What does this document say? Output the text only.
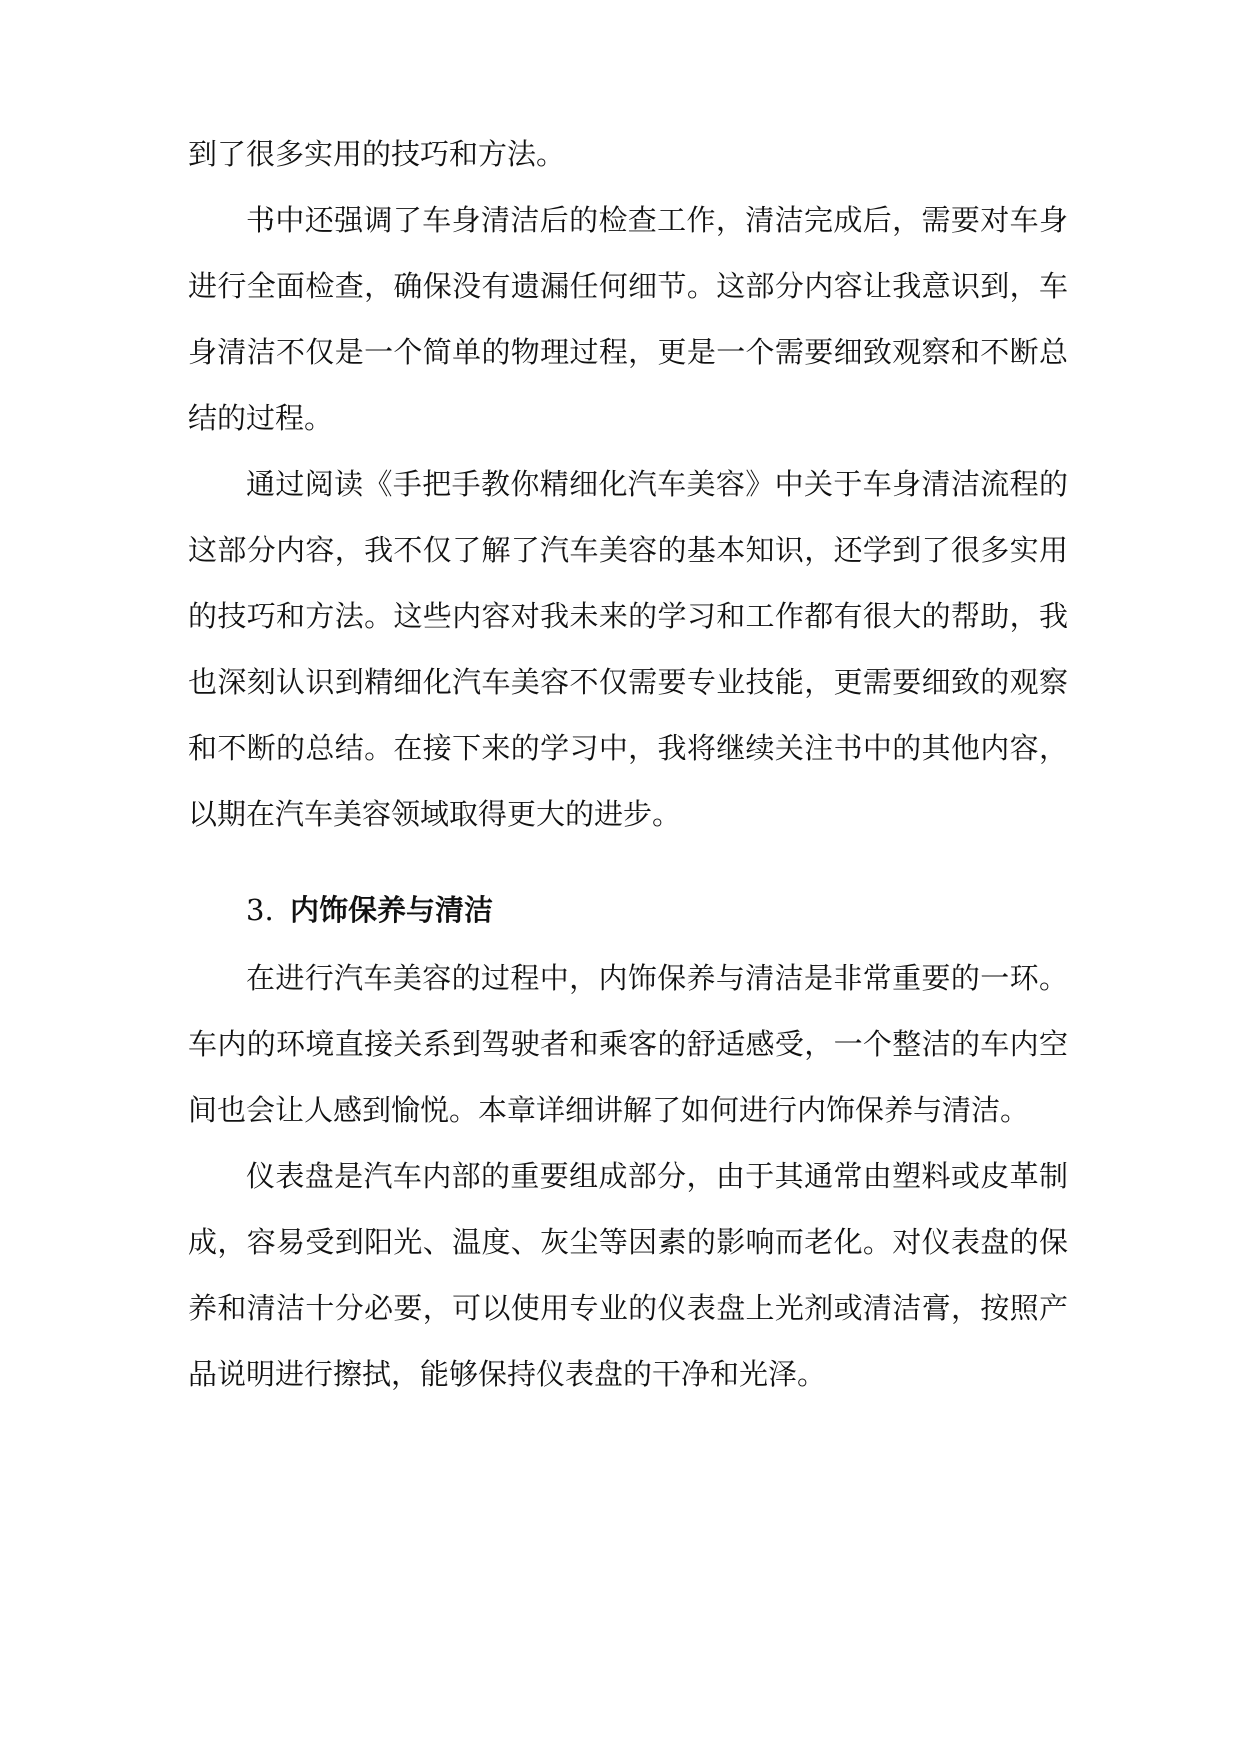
到了很多实用的技巧和方法。
书中还强调了车身清洁后的检查工作，清洁完成后，需要对车身
进行全面检查，确保没有遗漏任何细节。这部分内容让我意识到，车
身清洁不仅是一个简单的物理过程，更是一个需要细致观察和不断总
结的过程。
通过阅读《手把手教你精细化汽车美容》中关于车身清洁流程的
这部分内容，我不仅了解了汽车美容的基本知识，还学到了很多实用
的技巧和方法。这些内容对我未来的学习和工作都有很大的帮助，我
也深刻认识到精细化汽车美容不仅需要专业技能，更需要细致的观察
和不断的总结。在接下来的学习中，我将继续关注书中的其他内容，
以期在汽车美容领域取得更大的进步。
3. 内饰保养与清洁
在进行汽车美容的过程中，内饰保养与清洁是非常重要的一环。
车内的环境直接关系到驾驶者和乘客的舒适感受，一个整洁的车内空
间也会让人感到愉悦。本章详细讲解了如何进行内饰保养与清洁。
仪表盘是汽车内部的重要组成部分，由于其通常由塑料或皮革制
成，容易受到阳光、温度、灰尘等因素的影响而老化。对仪表盘的保
养和清洁十分必要，可以使用专业的仪表盘上光剂或清洁膏，按照产
品说明进行擦拭，能够保持仪表盘的干净和光泽。
